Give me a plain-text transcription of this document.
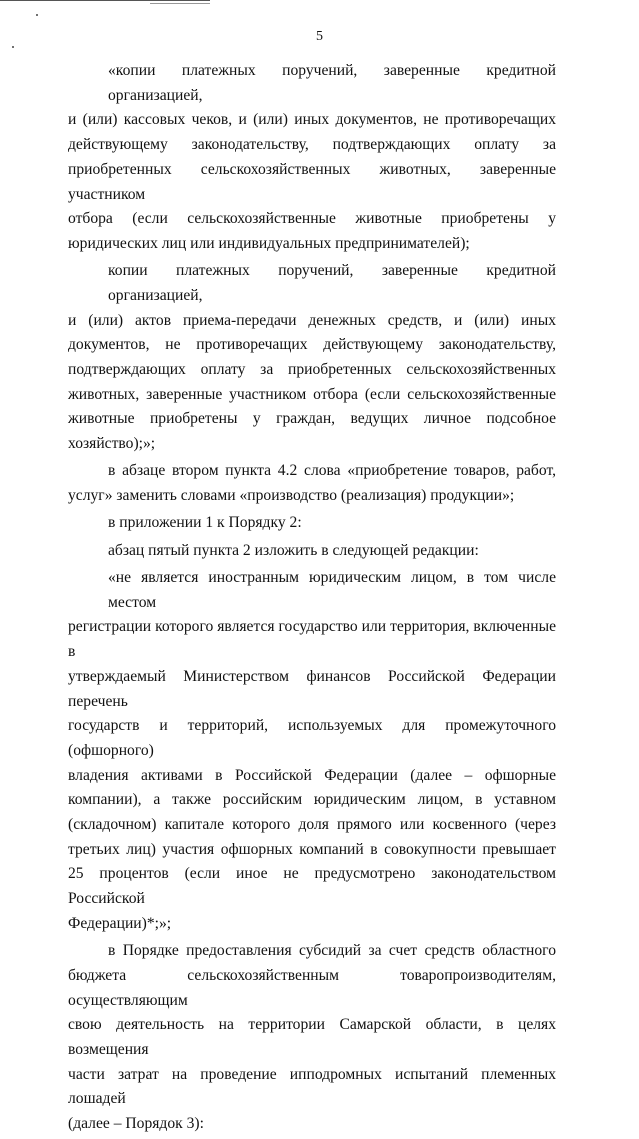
5
«копии платежных поручений, заверенные кредитной организацией,
и (или) кассовых чеков, и (или) иных документов, не противоречащих
действующему законодательству, подтверждающих оплату за
приобретенных сельскохозяйственных животных, заверенные участником
отбора (если сельскохозяйственные животные приобретены у
юридических лиц или индивидуальных предпринимателей);
копии платежных поручений, заверенные кредитной организацией,
и (или) актов приема-передачи денежных средств, и (или) иных
документов, не противоречащих действующему законодательству,
подтверждающих оплату за приобретенных сельскохозяйственных
животных, заверенные участником отбора (если сельскохозяйственные
животные приобретены у граждан, ведущих личное подсобное
хозяйство);»;
в абзаце втором пункта 4.2 слова «приобретение товаров, работ,
услуг» заменить словами «производство (реализация) продукции»;
в приложении 1 к Порядку 2:
абзац пятый пункта 2 изложить в следующей редакции:
«не является иностранным юридическим лицом, в том числе местом
регистрации которого является государство или территория, включенные в
утверждаемый Министерством финансов Российской Федерации перечень
государств и территорий, используемых для промежуточного (офшорного)
владения активами в Российской Федерации (далее – офшорные
компании), а также российским юридическим лицом, в уставном
(складочном) капитале которого доля прямого или косвенного (через
третьих лиц) участия офшорных компаний в совокупности превышает
25 процентов (если иное не предусмотрено законодательством Российской
Федерации)*;»;
в Порядке предоставления субсидий за счет средств областного
бюджета сельскохозяйственным товаропроизводителям, осуществляющим
свою деятельность на территории Самарской области, в целях возмещения
части затрат на проведение ипподромных испытаний племенных лошадей
(далее – Порядок 3):
